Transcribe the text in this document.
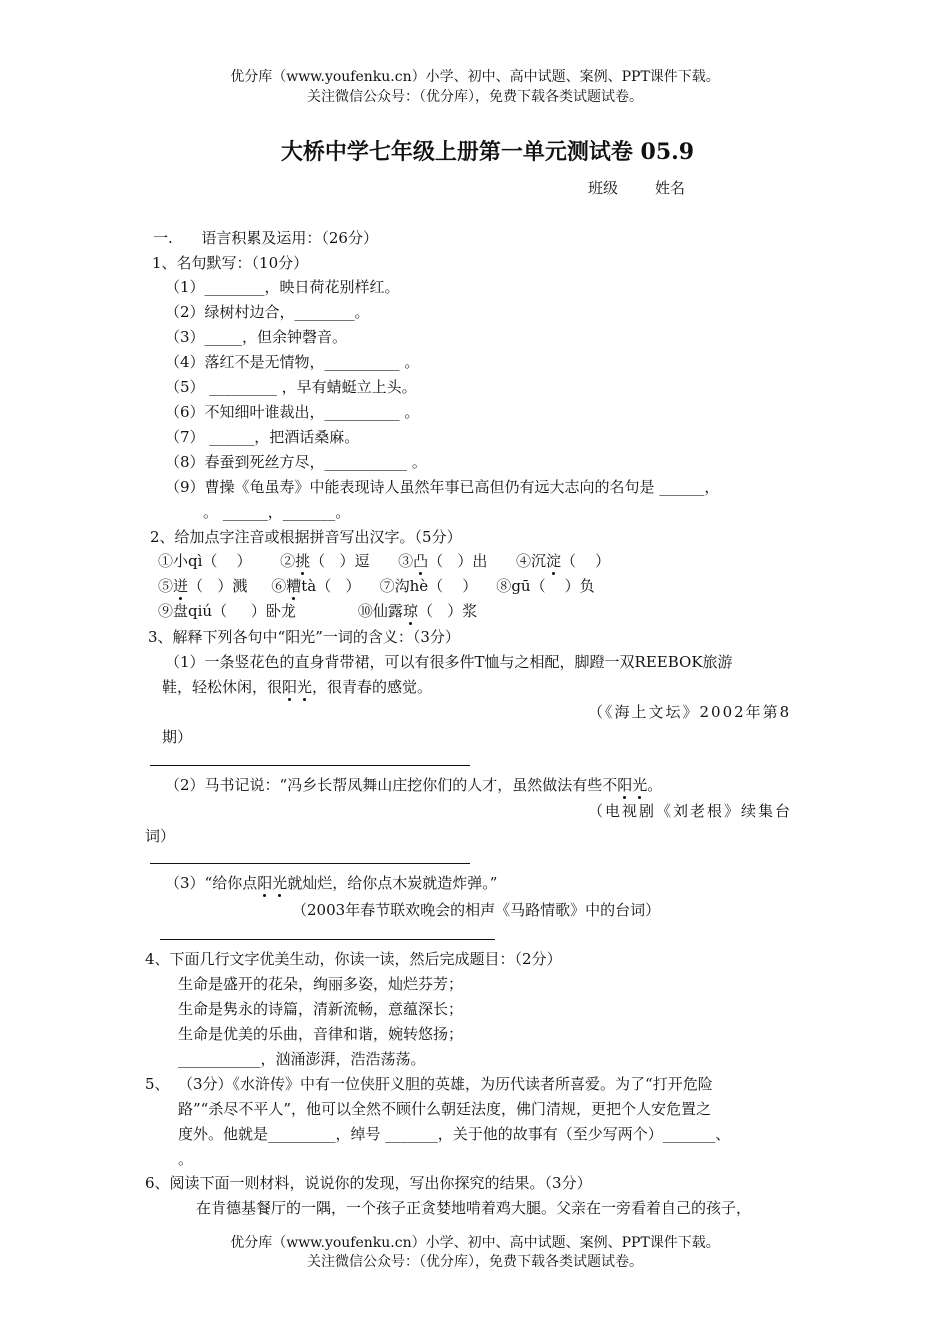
优分库（www.youfenku.cn）小学、初中、高中试题、案例、PPT课件下载。
关注微信公众号：（优分库），免费下载各类试题试卷。
大桥中学七年级上册第一单元测试卷 05.9
班级 姓名
一.      语言积累及运用：（26分）
1、名句默写：（10分）
（1）________，映日荷花别样红。
（2）绿树村边合，________。
（3）_____，但余钟磬音。
（4）落红不是无情物，__________ 。
（5） _________ ，早有蜻蜓立上头。
（6）不知细叶谁裁出，__________ 。
（7） ______，把酒话桑麻。
（8）春蚕到死丝方尽，___________ 。
（9）曹操《龟虽寿》中能表现诗人虽然年事已高但仍有远大志向的名句是 ______，
。 ______，_______。
2、给加点字注音或根据拼音写出汉字。（5分）
①小qì（    ） ②挑（   ）逗 ③凸（   ）出 ④沉淀（    ）
⑤迸（   ）溅 ⑥糟tà（   ） ⑦沟hè（    ） ⑧gū（    ）负
⑨盘qiú（     ）卧龙	⑩仙露琼（   ）浆
3、解释下列各句中“阳光”一词的含义：（3分）
（1）一条竖花色的直身背带裙，可以有很多件T恤与之相配，脚蹬一双REEBOK旅游
鞋，轻松休闲，很阳光，很青春的感觉。
（《海上文坛》2002年第8
期）
（2）马书记说：“冯乡长帮凤舞山庄挖你们的人才，虽然做法有些不阳光。
（电视剧《刘老根》续集台
词）
（3）“给你点阳光就灿烂，给你点木炭就造炸弹。”
（2003年春节联欢晚会的相声《马路情歌》中的台词）
4、下面几行文字优美生动，你读一读，然后完成题目：（2分）
生命是盛开的花朵，绚丽多姿，灿烂芬芳；
生命是隽永的诗篇，清新流畅，意蕴深长；
生命是优美的乐曲，音律和谐，婉转悠扬；
___________，汹涌澎湃，浩浩荡荡。
5、 （3分）《水浒传》中有一位侠肝义胆的英雄，为历代读者所喜爱。为了“打开危险
路”“杀尽不平人”，他可以全然不顾什么朝廷法度，佛门清规，更把个人安危置之
度外。他就是_________，绰号 _______，关于他的故事有（至少写两个）_______、
。
6、阅读下面一则材料，说说你的发现，写出你探究的结果。（3分）
在肯德基餐厅的一隅，一个孩子正贪婪地啃着鸡大腿。父亲在一旁看着自己的孩子，
优分库（www.youfenku.cn）小学、初中、高中试题、案例、PPT课件下载。
关注微信公众号：（优分库），免费下载各类试题试卷。
